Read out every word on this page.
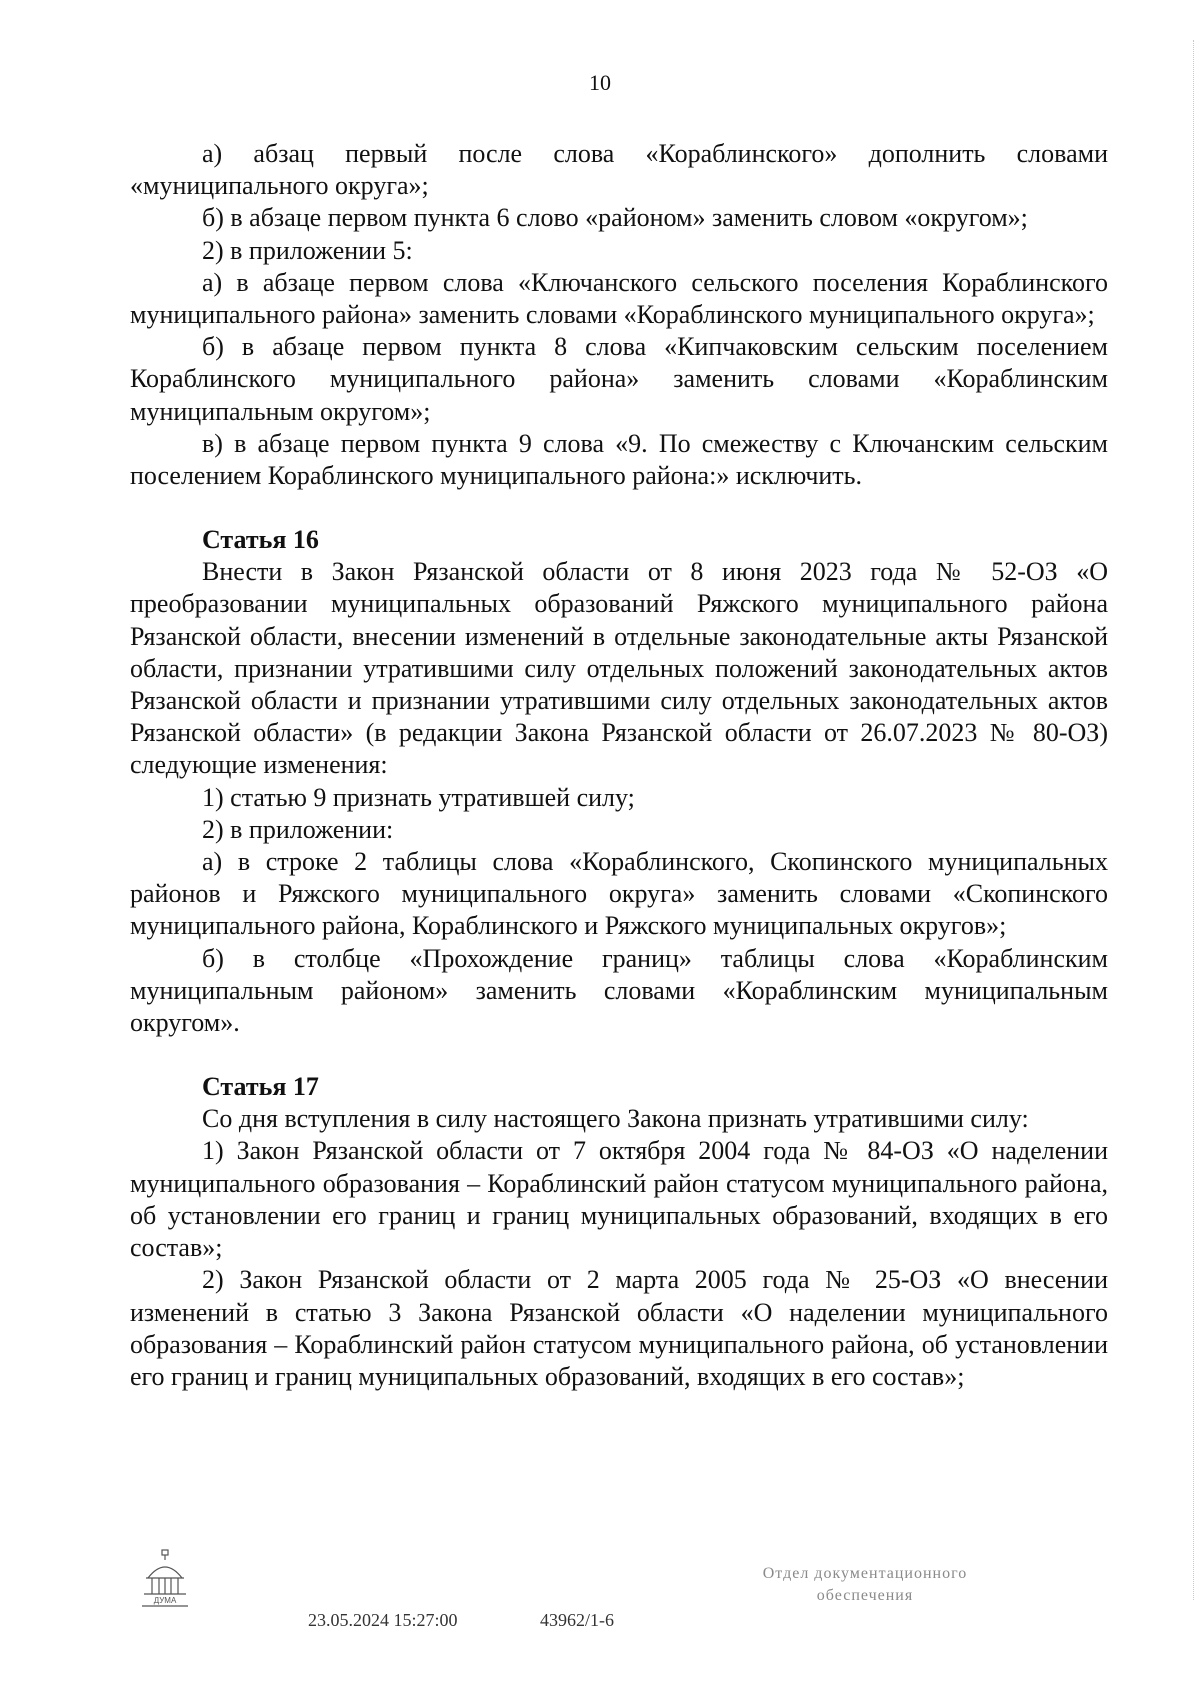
10

а) абзац первый после слова «Кораблинского» дополнить словами «муниципального округа»;

б) в абзаце первом пункта 6 слово «районом» заменить словом «округом»;

2) в приложении 5:

а) в абзаце первом слова «Ключанского сельского поселения Кораблинского муниципального района» заменить словами «Кораблинского муниципального округа»;

б) в абзаце первом пункта 8 слова «Кипчаковским сельским поселением Кораблинского муниципального района» заменить словами «Кораблинским муниципальным округом»;

в) в абзаце первом пункта 9 слова «9. По смежеству с Ключанским сельским поселением Кораблинского муниципального района:» исключить.

Статья 16

Внести в Закон Рязанской области от 8 июня 2023 года № 52-ОЗ «О преобразовании муниципальных образований Ряжского муниципального района Рязанской области, внесении изменений в отдельные законодательные акты Рязанской области, признании утратившими силу отдельных положений законодательных актов Рязанской области и признании утратившими силу отдельных законодательных актов Рязанской области» (в редакции Закона Рязанской области от 26.07.2023 № 80-ОЗ) следующие изменения:

1) статью 9 признать утратившей силу;

2) в приложении:

а) в строке 2 таблицы слова «Кораблинского, Скопинского муниципальных районов и Ряжского муниципального округа» заменить словами «Скопинского муниципального района, Кораблинского и Ряжского муниципальных округов»;

б) в столбце «Прохождение границ» таблицы слова «Кораблинским муниципальным районом» заменить словами «Кораблинским муниципальным округом».

Статья 17

Со дня вступления в силу настоящего Закона признать утратившими силу:

1) Закон Рязанской области от 7 октября 2004 года № 84-ОЗ «О наделении муниципального образования – Кораблинский район статусом муниципального района, об установлении его границ и границ муниципальных образований, входящих в его состав»;

2) Закон Рязанской области от 2 марта 2005 года № 25-ОЗ «О внесении изменений в статью 3 Закона Рязанской области «О наделении муниципального образования – Кораблинский район статусом муниципального района, об установлении его границ и границ муниципальных образований, входящих в его состав»;

ДУМА
23.05.2024 15:27:00	43962/1-6
Отдел документационного
обеспечения
